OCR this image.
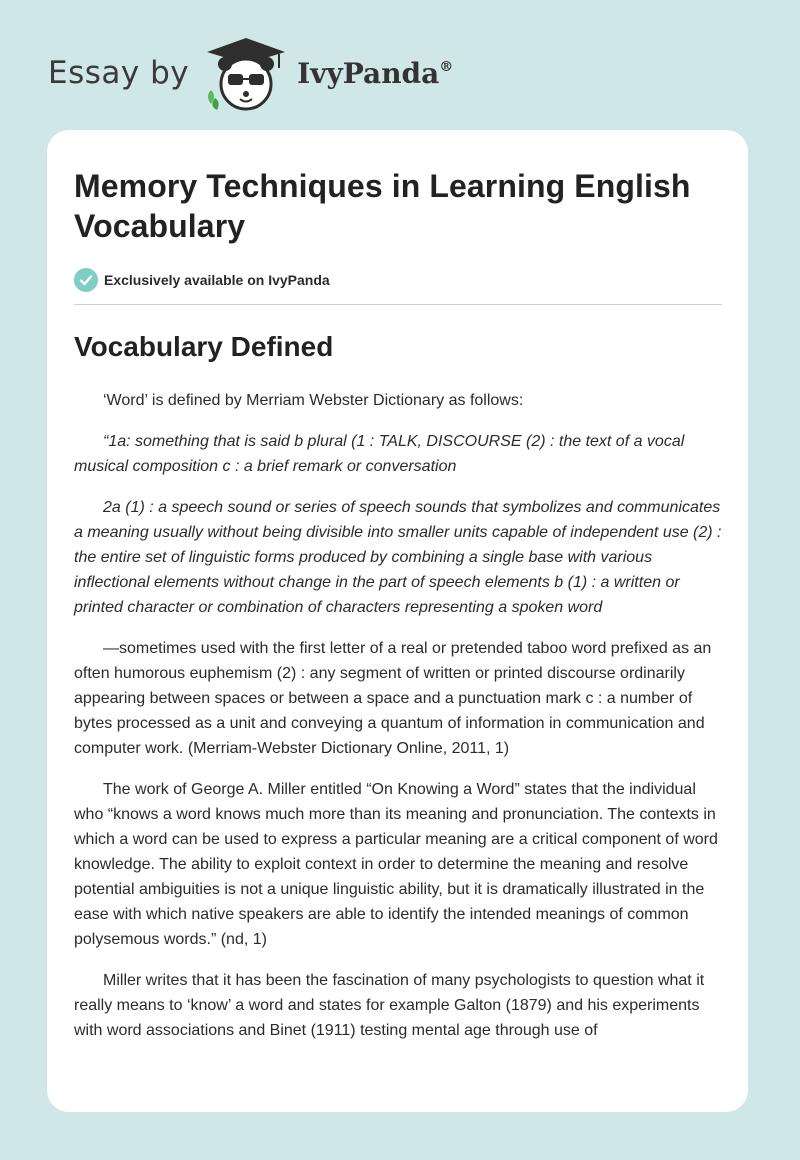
Essay by	IvyPanda®
Memory Techniques in Learning English Vocabulary
Exclusively available on IvyPanda
Vocabulary Defined

‘Word’ is defined by Merriam Webster Dictionary as follows:

“1a: something that is said b plural (1 : TALK, DISCOURSE (2) : the text of a vocal musical composition c : a brief remark or conversation

2a (1) : a speech sound or series of speech sounds that symbolizes and communicates a meaning usually without being divisible into smaller units capable of independent use (2) : the entire set of linguistic forms produced by combining a single base with various inflectional elements without change in the part of speech elements b (1) : a written or printed character or combination of characters representing a spoken word

—sometimes used with the first letter of a real or pretended taboo word prefixed as an often humorous euphemism (2) : any segment of written or printed discourse ordinarily appearing between spaces or between a space and a punctuation mark c : a number of bytes processed as a unit and conveying a quantum of information in communication and computer work. (Merriam-Webster Dictionary Online, 2011, 1)

The work of George A. Miller entitled “On Knowing a Word” states that the individual who “knows a word knows much more than its meaning and pronunciation. The contexts in which a word can be used to express a particular meaning are a critical component of word knowledge. The ability to exploit context in order to determine the meaning and resolve potential ambiguities is not a unique linguistic ability, but it is dramatically illustrated in the ease with which native speakers are able to identify the intended meanings of common polysemous words.” (nd, 1)

Miller writes that it has been the fascination of many psychologists to question what it really means to ‘know’ a word and states for example Galton (1879) and his experiments with word associations and Binet (1911) testing mental age through use of
